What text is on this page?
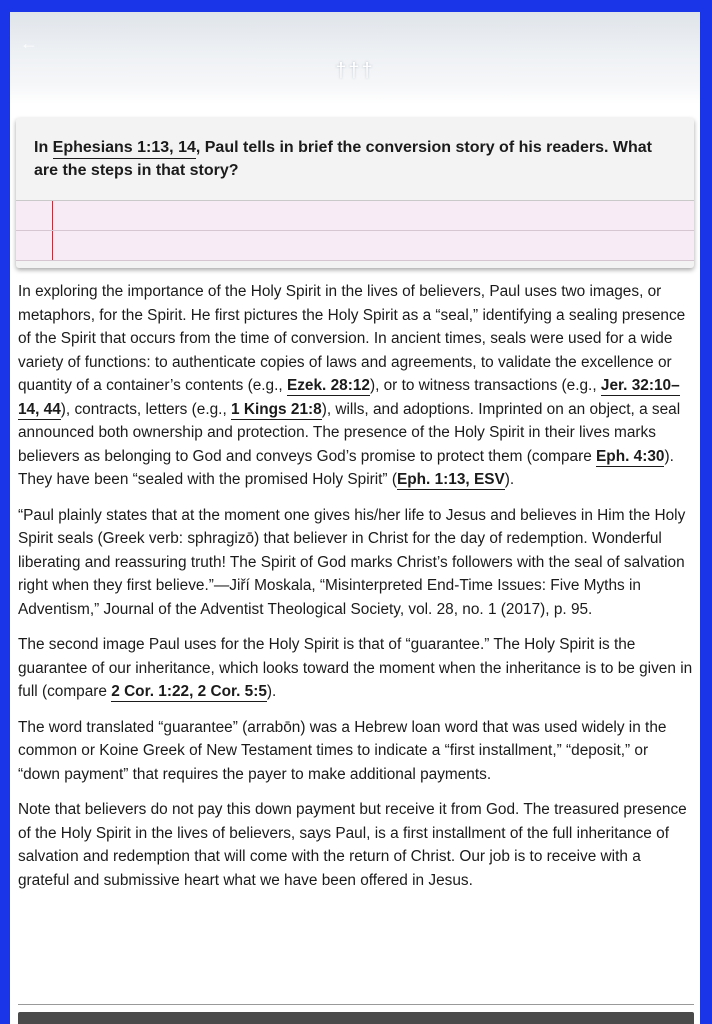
←
†††
In Ephesians 1:13, 14, Paul tells in brief the conversion story of his readers. What are the steps in that story?

In exploring the importance of the Holy Spirit in the lives of believers, Paul uses two images, or metaphors, for the Spirit. He first pictures the Holy Spirit as a “seal,” identifying a sealing presence of the Spirit that occurs from the time of conversion. In ancient times, seals were used for a wide variety of functions: to authenticate copies of laws and agreements, to validate the excellence or quantity of a container’s contents (e.g., Ezek. 28:12), or to witness transactions (e.g., Jer. 32:10–14, 44), contracts, letters (e.g., 1 Kings 21:8), wills, and adoptions. Imprinted on an object, a seal announced both ownership and protection. The presence of the Holy Spirit in their lives marks believers as belonging to God and conveys God’s promise to protect them (compare Eph. 4:30). They have been “sealed with the promised Holy Spirit” (Eph. 1:13, ESV).

“Paul plainly states that at the moment one gives his/her life to Jesus and believes in Him the Holy Spirit seals (Greek verb: sphragizō) that believer in Christ for the day of redemption. Wonderful liberating and reassuring truth! The Spirit of God marks Christ’s followers with the seal of salvation right when they first believe.”—Jiří Moskala, “Misinterpreted End-Time Issues: Five Myths in Adventism,” Journal of the Adventist Theological Society, vol. 28, no. 1 (2017), p. 95.

The second image Paul uses for the Holy Spirit is that of “guarantee.” The Holy Spirit is the guarantee of our inheritance, which looks toward the moment when the inheritance is to be given in full (compare 2 Cor. 1:22, 2 Cor. 5:5).

The word translated “guarantee” (arrabōn) was a Hebrew loan word that was used widely in the common or Koine Greek of New Testament times to indicate a “first installment,” “deposit,” or “down payment” that requires the payer to make additional payments.

Note that believers do not pay this down payment but receive it from God. The treasured presence of the Holy Spirit in the lives of believers, says Paul, is a first installment of the full inheritance of salvation and redemption that will come with the return of Christ. Our job is to receive with a grateful and submissive heart what we have been offered in Jesus.
